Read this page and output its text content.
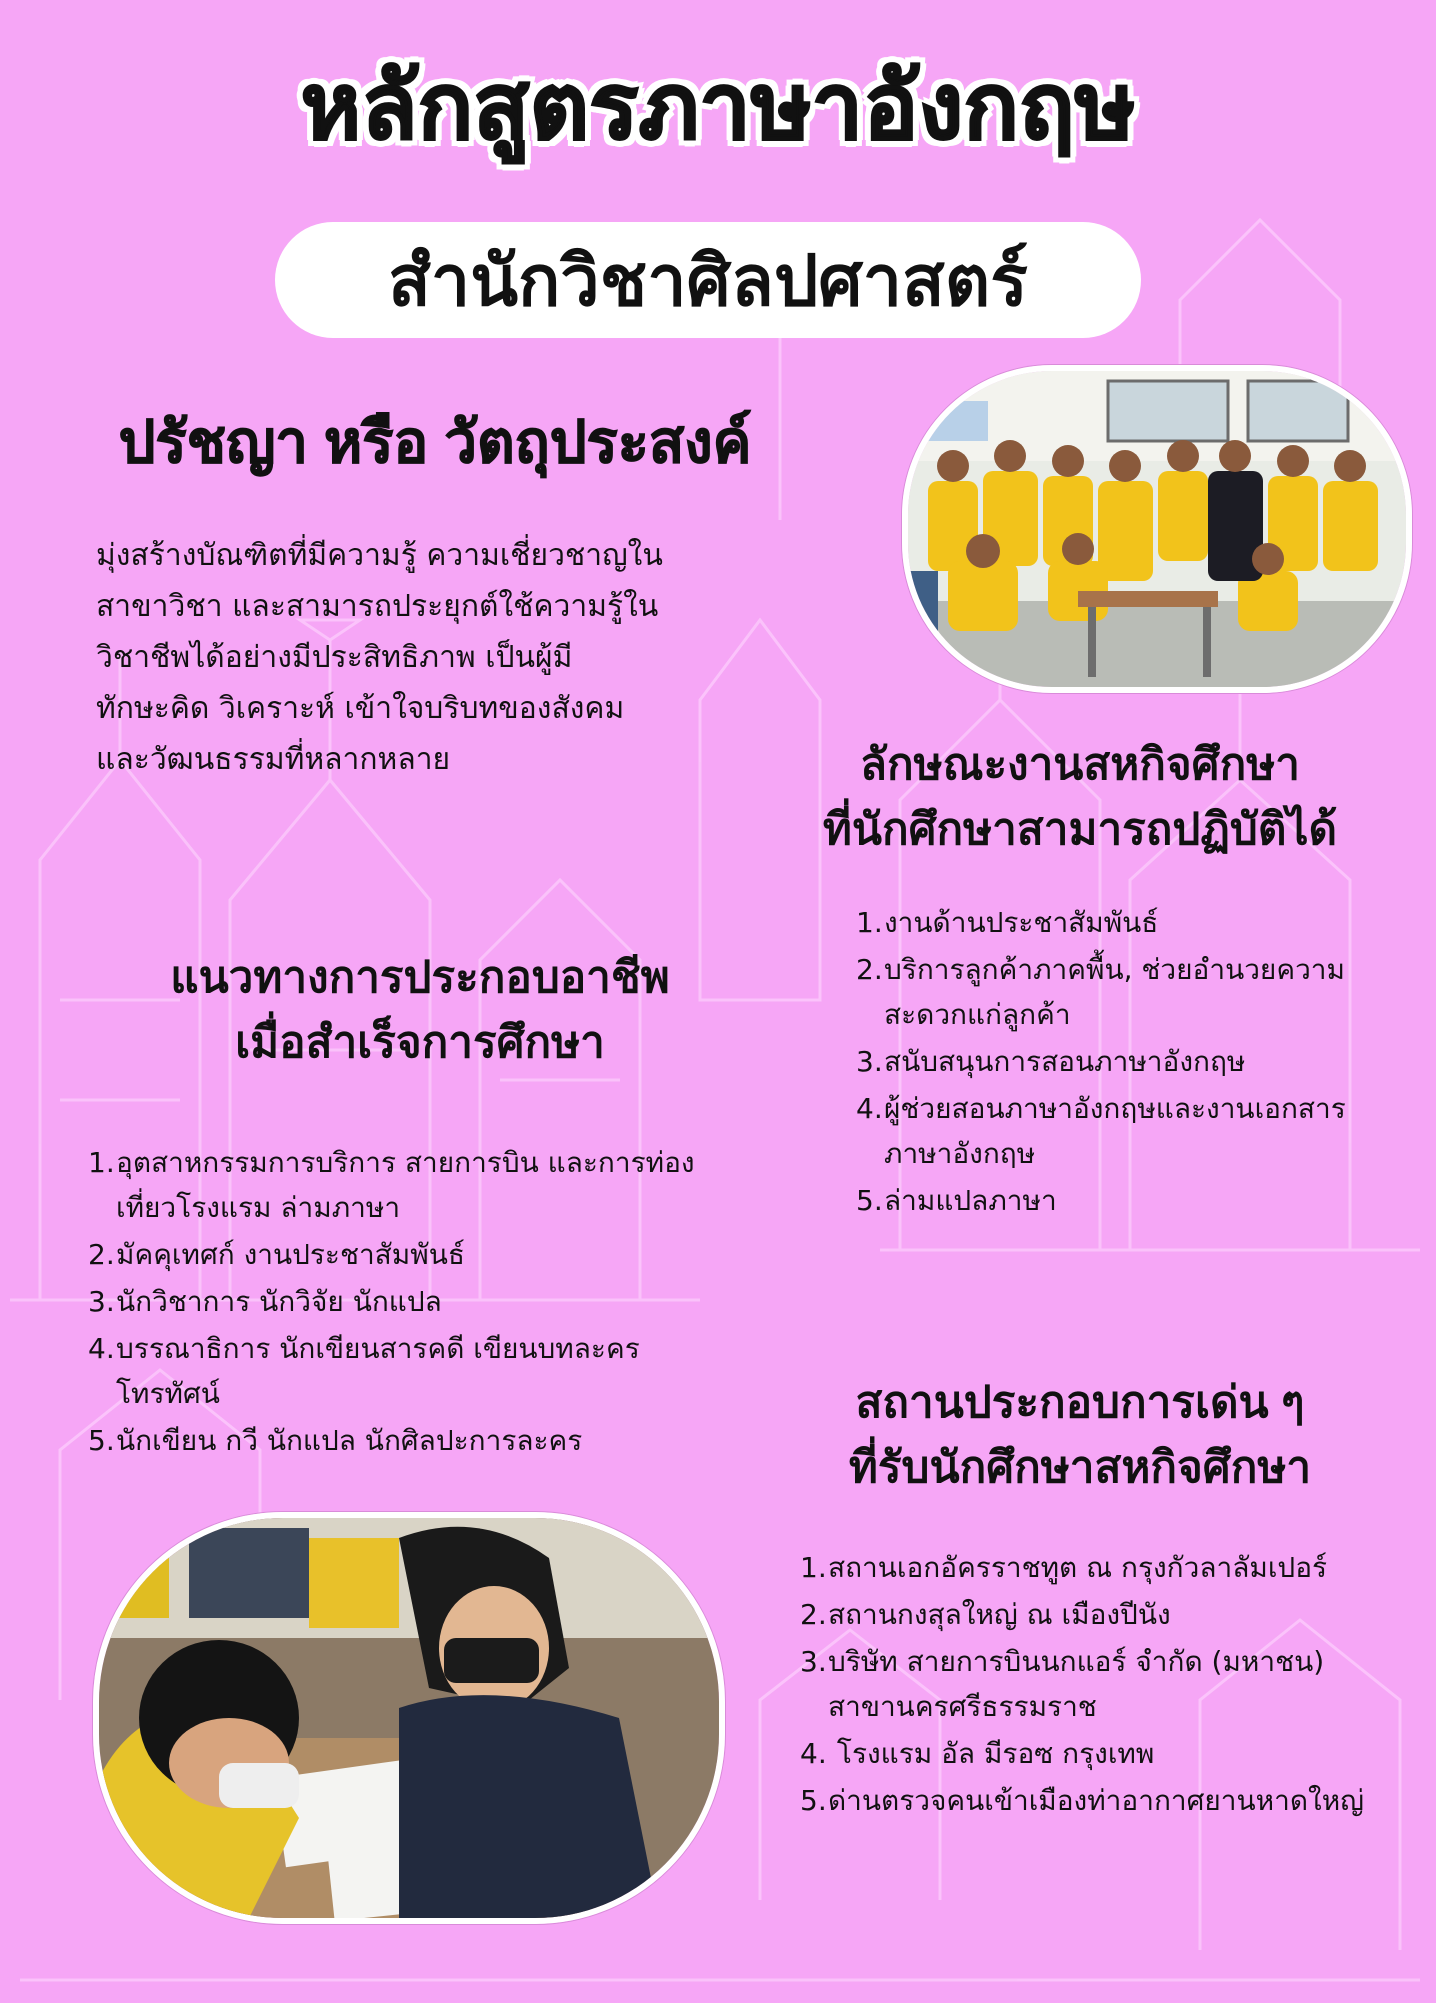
หลักสูตรภาษาอังกฤษ
สำนักวิชาศิลปศาสตร์
ปรัชญา หรือ วัตถุประสงค์
มุ่งสร้างบัณฑิตที่มีความรู้ ความเชี่ยวชาญใน
สาขาวิชา และสามารถประยุกต์ใช้ความรู้ใน
วิชาชีพได้อย่างมีประสิทธิภาพ เป็นผู้มี
ทักษะคิด วิเคราะห์ เข้าใจบริบทของสังคม
และวัฒนธรรมที่หลากหลาย	ลักษณะงานสหกิจศึกษา
ที่นักศึกษาสามารถปฏิบัติได้
1.งานด้านประชาสัมพันธ์
2.บริการลูกค้าภาคพื้น, ช่วยอำนวยความ
สะดวกแก่ลูกค้า
3.สนับสนุนการสอนภาษาอังกฤษ
4.ผู้ช่วยสอนภาษาอังกฤษและงานเอกสาร
ภาษาอังกฤษ
5.ล่ามแปลภาษา
แนวทางการประกอบอาชีพ
เมื่อสำเร็จการศึกษา
1.อุตสาหกรรมการบริการ สายการบิน และการท่อง
เที่ยวโรงแรม ล่ามภาษา
2.มัคคุเทศก์ งานประชาสัมพันธ์
3.นักวิชาการ นักวิจัย นักแปล
4.บรรณาธิการ นักเขียนสารคดี เขียนบทละคร
โทรทัศน์
5.นักเขียน กวี นักแปล นักศิลปะการละคร
สถานประกอบการเด่น ๆ
ที่รับนักศึกษาสหกิจศึกษา
1.สถานเอกอัครราชทูต ณ กรุงกัวลาลัมเปอร์
2.สถานกงสุลใหญ่ ณ เมืองปีนัง
3.บริษัท สายการบินนกแอร์ จำกัด (มหาชน)
สาขานครศรีธรรมราช
4. โรงแรม อัล มีรอซ กรุงเทพ
5.ด่านตรวจคนเข้าเมืองท่าอากาศยานหาดใหญ่
